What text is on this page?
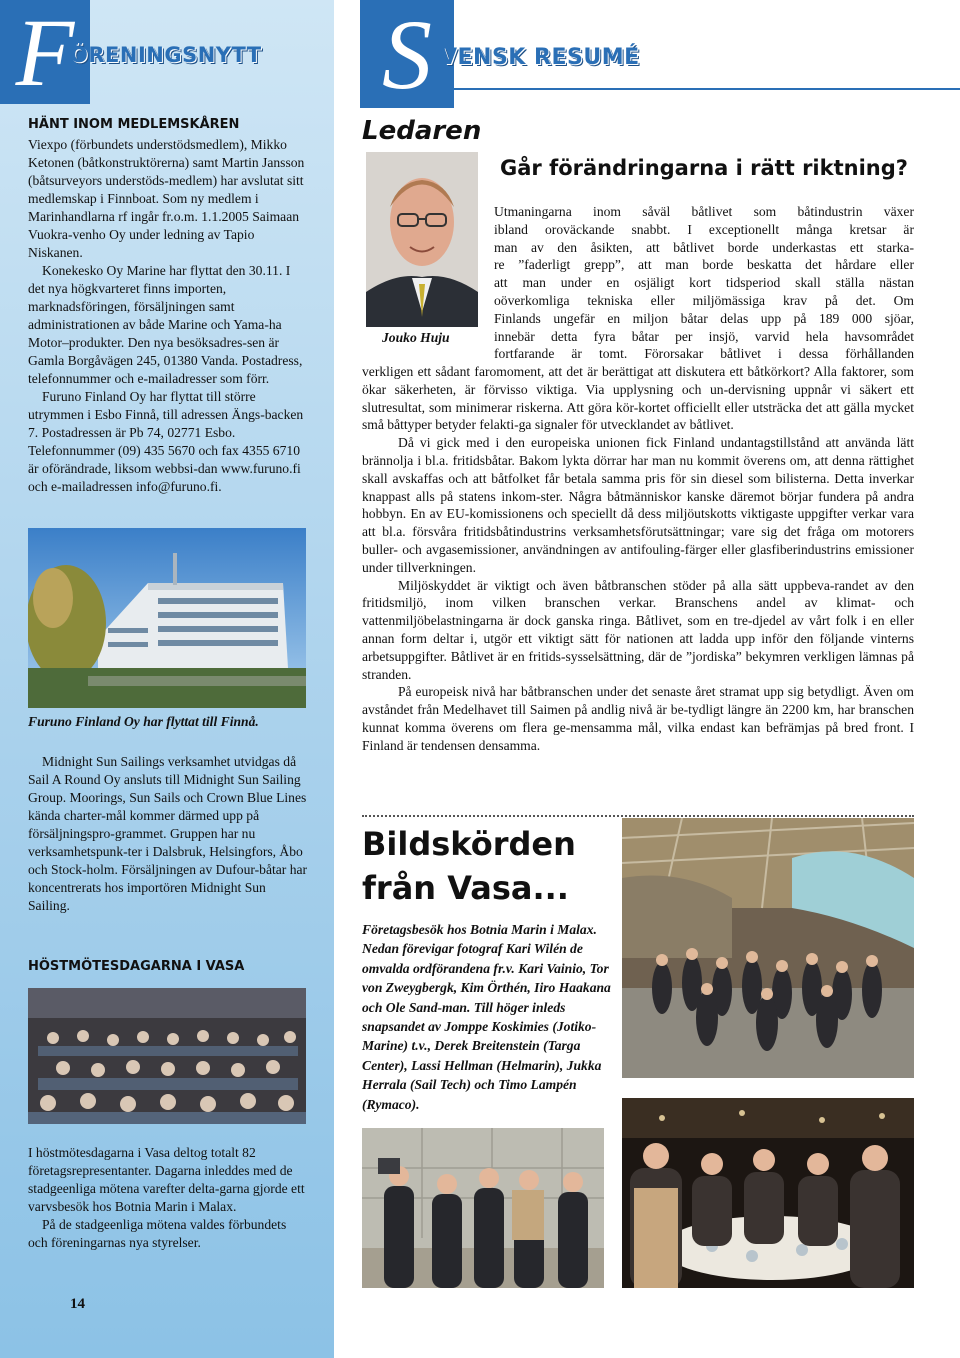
F
ÖRENINGSNYTT

HÄNT INOM MEDLEMSKÅREN

Viexpo (förbundets understödsmedlem), Mikko Ketonen (båtkonstruktörerna) samt Martin Jansson (båtsurveyors understöds-medlem) har avslutat sitt medlemskap i Finnboat. Som ny medlem i Marinhandlarna rf ingår fr.o.m. 1.1.2005 Saimaan Vuokra-venho Oy under ledning av Tapio Niskanen.

Konekesko Oy Marine har flyttat den 30.11. I det nya högkvarteret finns importen, marknadsföringen, försäljningen samt administrationen av både Marine och Yama-ha Motor–produkter. Den nya besöksadres-sen är Gamla Borgåvägen 245, 01380 Vanda. Postadress, telefonnummer och e-mailadresser som förr.

Furuno Finland Oy har flyttat till större utrymmen i Esbo Finnå, till adressen Ängs-backen 7. Postadressen är Pb 74, 02771 Esbo. Telefonnummer (09) 435 5670 och fax 4355 6710 är oförändrade, liksom webbsi-dan www.furuno.fi och e-mailadressen info@furuno.fi.

Furuno Finland Oy har flyttat till Finnå.

Midnight Sun Sailings verksamhet utvidgas då Sail A Round Oy ansluts till Midnight Sun Sailing Group. Moorings, Sun Sails och Crown Blue Lines kända charter-mål kommer därmed upp på försäljningspro-grammet. Gruppen har nu verksamhetspunk-ter i Dalsbruk, Helsingfors, Åbo och Stock-holm. Försäljningen av Dufour-båtar har koncentrerats hos importören Midnight Sun Sailing.

HÖSTMÖTESDAGARNA I VASA

I höstmötesdagarna i Vasa deltog totalt 82 företagsrepresentanter. Dagarna inleddes med de stadgeenliga mötena varefter delta-garna gjorde ett varvsbesök hos Botnia Marin i Malax.

På de stadgeenliga mötena valdes förbundets och föreningarnas nya styrelser.

14
S VENSK RESUMÉ
Ledaren
Jouko Huju
Går förändringarna i rätt riktning?

Utmaningarna inom såväl båtlivet som båtindustrin växer

ibland oroväckande snabbt. I exceptionellt många kretsar är

man av den åsikten, att båtlivet borde underkastas ett starka-

re ”faderligt grepp”, att man borde beskatta det hårdare eller

att man under en osjäligt kort tidsperiod skall ställa nästan

oöverkomliga tekniska eller miljömässiga krav på det. Om

Finlands ungefär en miljon båtar delas upp på 189 000 sjöar,

innebär detta fyra båtar per insjö, varvid hela havsområdet

fortfarande är tomt. Förorsakar båtlivet i dessa förhållanden

verkligen ett sådant faromoment, att det är berättigat att diskutera ett båtkörkort? Alla faktorer, som ökar säkerheten, är förvisso viktiga. Via upplysning och un-dervisning uppnår vi säkert ett slutresultat, som minimerar riskerna. Att göra kör-kortet officiellt eller utsträcka det att gälla mycket små båttyper betyder felakti-ga signaler för utvecklandet av båtlivet.

Då vi gick med i den europeiska unionen fick Finland undantagstillstånd att använda lätt brännolja i bl.a. fritidsbåtar. Bakom lykta dörrar har man nu kommit överens om, att denna rättighet skall avskaffas och att båtfolket får betala samma pris för sin diesel som bilisterna. Detta inverkar knappast alls på statens inkom-ster. Några båtmänniskor kanske däremot börjar fundera på andra hobbyn. En av EU-komissionens och speciellt då dess miljöutskotts viktigaste uppgifter verkar vara att bl.a. försvåra fritidsbåtindustrins verksamhetsförutsättningar; vare sig det fråga om motorers buller- och avgasemissioner, användningen av antifouling-färger eller glasfiberindustrins emissioner under tillverkningen.

Miljöskyddet är viktigt och även båtbranschen stöder på alla sätt uppbeva-randet av den fritidsmiljö, inom vilken branschen verkar. Branschens andel av klimat- och vattenmiljöbelastningarna är dock ganska ringa. Båtlivet, som en tre-djedel av vårt folk i en eller annan form deltar i, utgör ett viktigt sätt för nationen att ladda upp inför den följande vinterns arbetsuppgifter. Båtlivet är en fritids-sysselsättning, där de ”jordiska” bekymren verkligen lämnas på stranden.

På europeisk nivå har båtbranschen under det senaste året stramat upp sig betydligt. Även om avståndet från Medelhavet till Saimen på andlig nivå är be-tydligt längre än 2200 km, har branschen kunnat komma överens om flera ge-mensamma mål, vilka endast kan befrämjas på bred front. I Finland är tendensen densamma.

Bildskörden
från Vasa...
Företagsbesök hos Botnia Marin i Malax. Nedan förevigar fotograf Kari Wilén de omvalda ordförandena fr.v. Kari Vainio, Tor von Zweygbergk, Kim Örthén, Iiro Haakana och Ole Sand-man. Till höger inleds snapsandet av Jomppe Koskimies (Jotiko-Marine) t.v., Derek Breitenstein (Targa Center), Lassi Hellman (Helmarin), Jukka Herrala (Sail Tech) och Timo Lampén (Rymaco).
